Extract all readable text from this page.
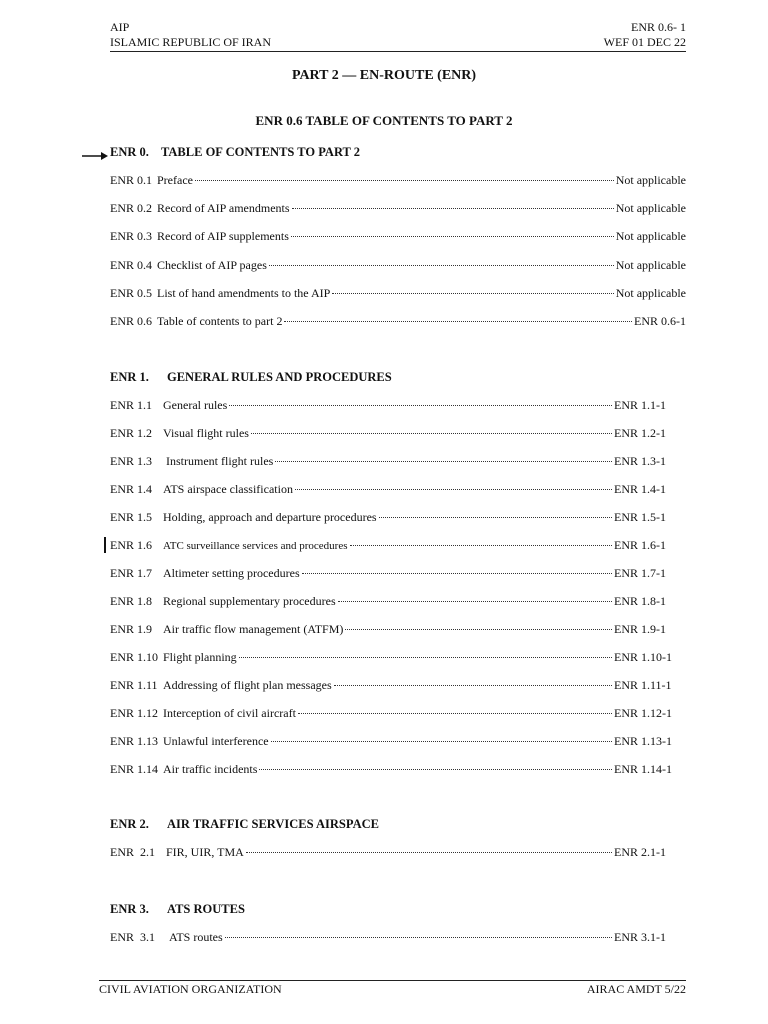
AIP
ISLAMIC REPUBLIC OF IRAN
ENR 0.6- 1
WEF 01 DEC 22
PART 2 — EN-ROUTE (ENR)
ENR 0.6 TABLE OF CONTENTS TO PART 2
ENR 0. TABLE OF CONTENTS TO PART 2
ENR 0.1 Preface	Not applicable
ENR 0.2 Record of AIP amendments	Not applicable
ENR 0.3 Record of AIP supplements	Not applicable
ENR 0.4 Checklist of AIP pages	Not applicable
ENR 0.5 List of hand amendments to the AIP	Not applicable
ENR 0.6 Table of contents to part 2	ENR 0.6-1
ENR 1. GENERAL RULES AND PROCEDURES
ENR 1.1 General rules	ENR 1.1-1
ENR 1.2 Visual flight rules	ENR 1.2-1
ENR 1.3 Instrument flight rules	ENR 1.3-1
ENR 1.4 ATS airspace classification	ENR 1.4-1
ENR 1.5 Holding, approach and departure procedures	ENR 1.5-1
ENR 1.6	ATC surveillance services and procedures	ENR 1.6-1
ENR 1.7 Altimeter setting procedures	ENR 1.7-1
ENR 1.8 Regional supplementary procedures	ENR 1.8-1
ENR 1.9 Air traffic flow management (ATFM)	ENR 1.9-1
ENR 1.10 Flight planning	ENR 1.10-1
ENR 1.11 Addressing of flight plan messages	ENR 1.11-1
ENR 1.12 Interception of civil aircraft	ENR 1.12-1
ENR 1.13 Unlawful interference	ENR 1.13-1
ENR 1.14 Air traffic incidents	ENR 1.14-1
ENR 2. AIR TRAFFIC SERVICES AIRSPACE
ENR  2.1 FIR, UIR, TMA	ENR 2.1-1
ENR 3. ATS ROUTES
ENR  3.1	ATS routes	ENR 3.1-1
CIVIL AVIATION ORGANIZATION	AIRAC AMDT 5/22
